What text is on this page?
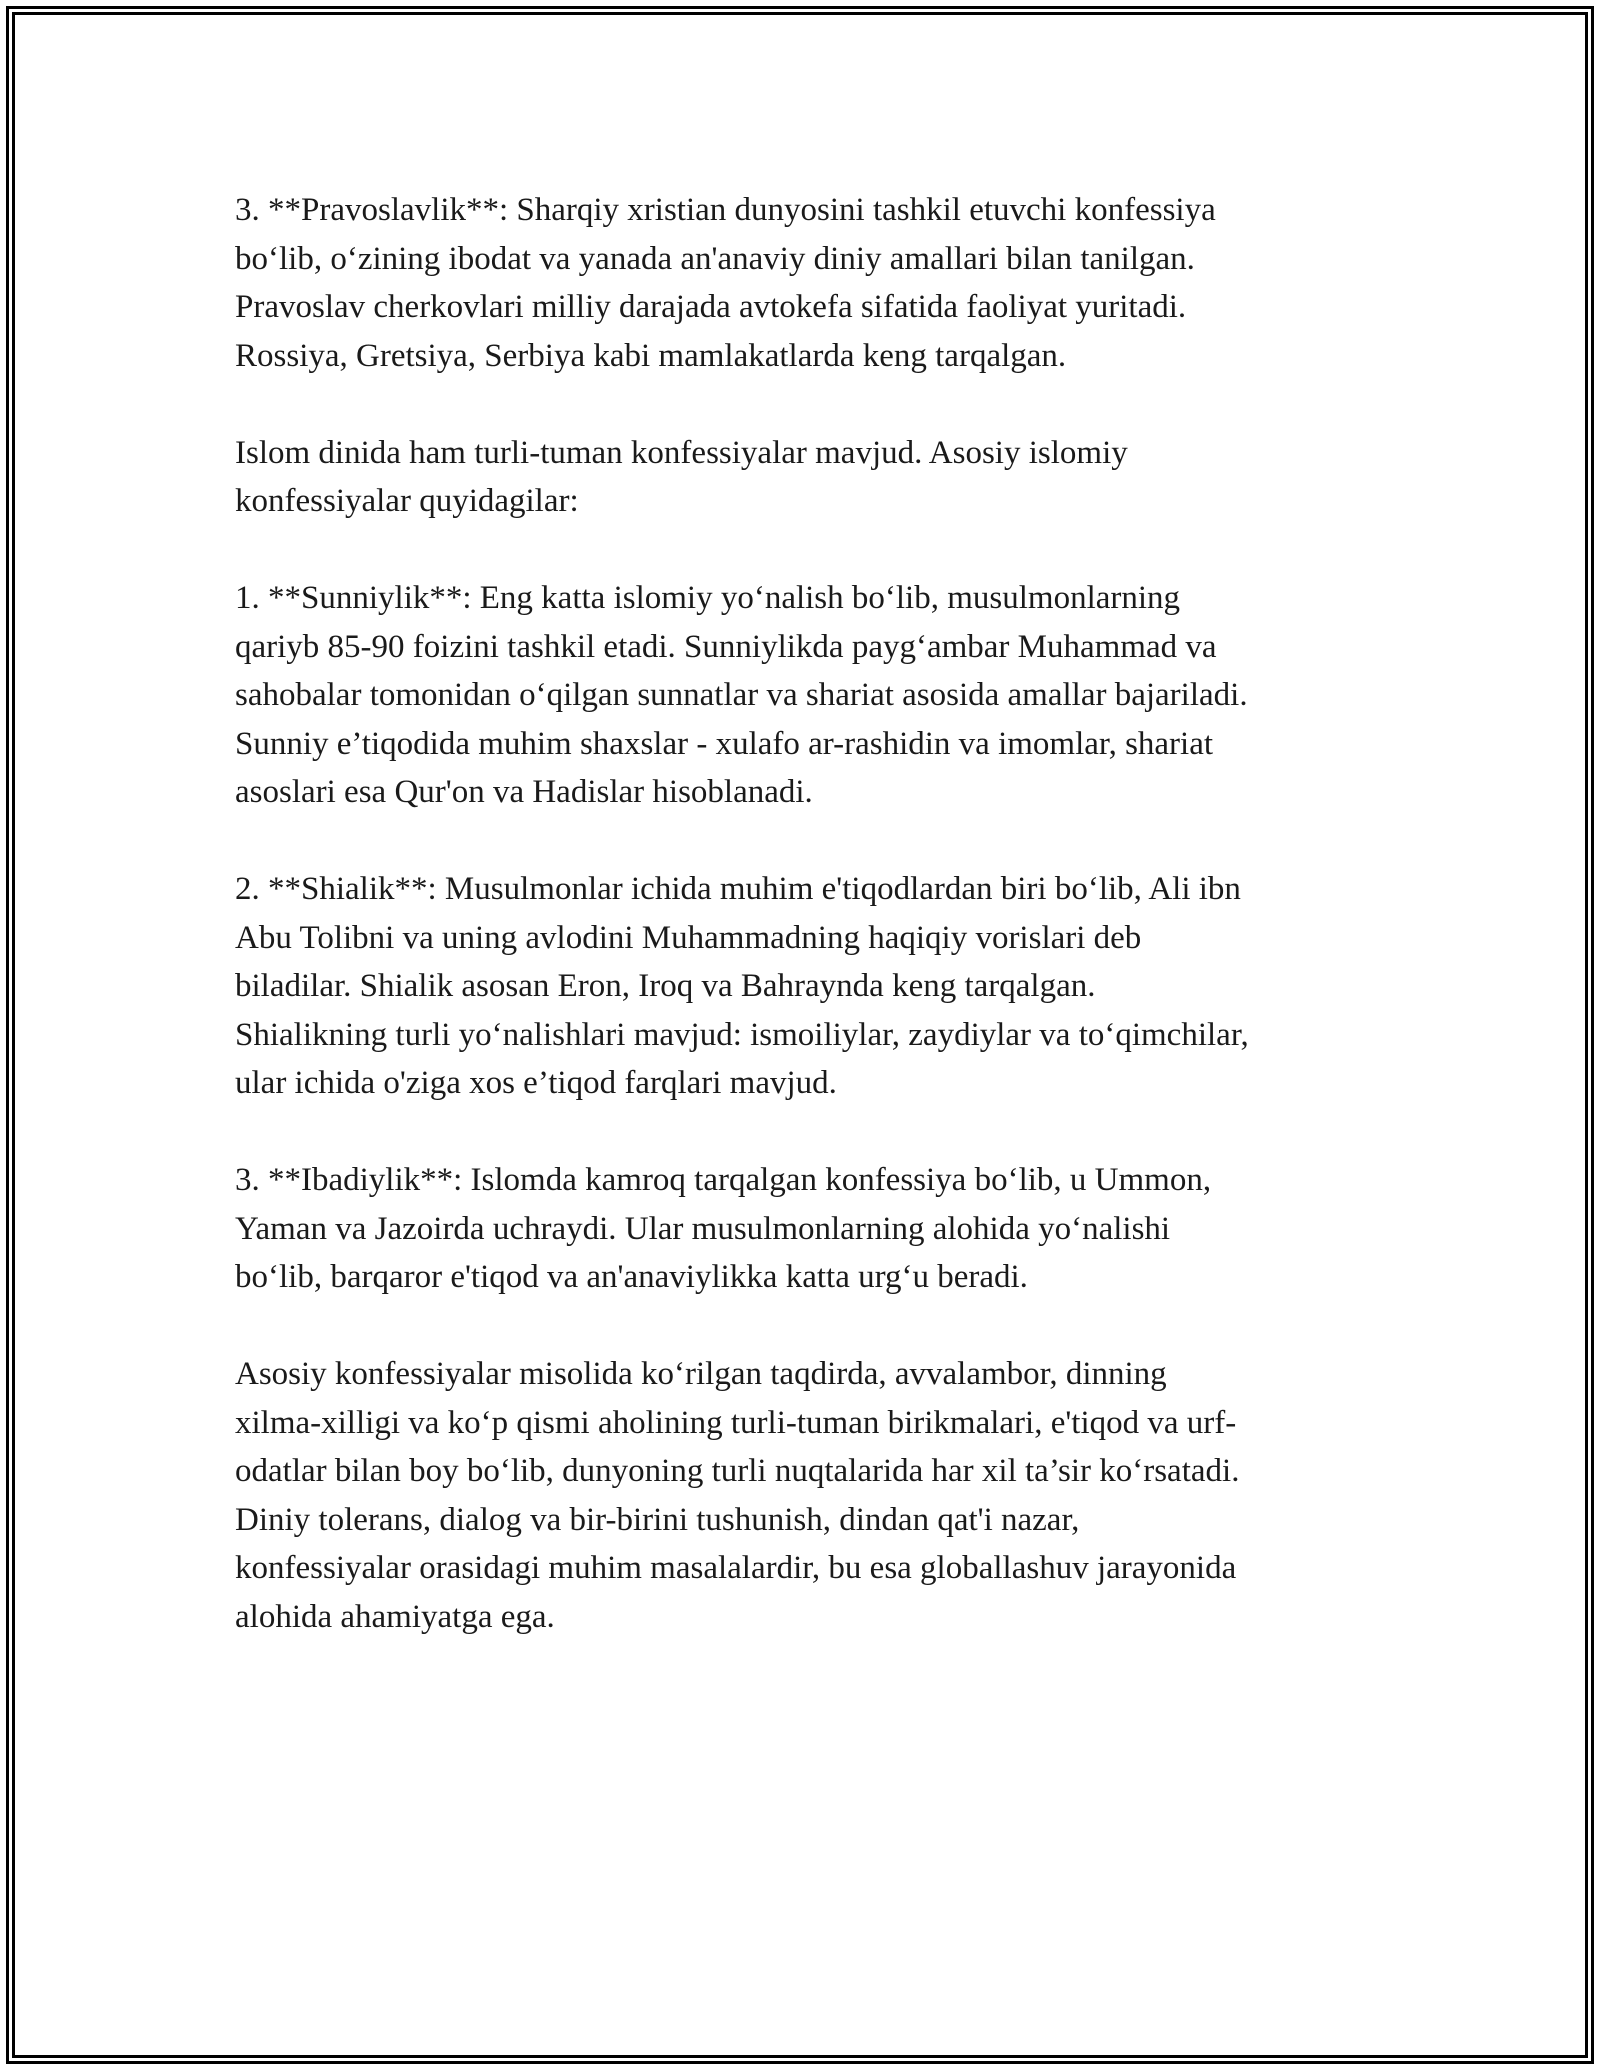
3. **Pravoslavlik**: Sharqiy xristian dunyosini tashkil etuvchi konfessiya
bo‘lib, o‘zining ibodat va yanada an'anaviy diniy amallari bilan tanilgan.
Pravoslav cherkovlari milliy darajada avtokefa sifatida faoliyat yuritadi.
Rossiya, Gretsiya, Serbiya kabi mamlakatlarda keng tarqalgan.

Islom dinida ham turli-tuman konfessiyalar mavjud. Asosiy islomiy
konfessiyalar quyidagilar:

1. **Sunniylik**: Eng katta islomiy yo‘nalish bo‘lib, musulmonlarning
qariyb 85-90 foizini tashkil etadi. Sunniylikda payg‘ambar Muhammad va
sahobalar tomonidan o‘qilgan sunnatlar va shariat asosida amallar bajariladi.
Sunniy e’tiqodida muhim shaxslar - xulafo ar-rashidin va imomlar, shariat
asoslari esa Qur'on va Hadislar hisoblanadi.

2. **Shialik**: Musulmonlar ichida muhim e'tiqodlardan biri bo‘lib, Ali ibn
Abu Tolibni va uning avlodini Muhammadning haqiqiy vorislari deb
biladilar. Shialik asosan Eron, Iroq va Bahraynda keng tarqalgan.
Shialikning turli yo‘nalishlari mavjud: ismoiliylar, zaydiylar va to‘qimchilar,
ular ichida o'ziga xos e’tiqod farqlari mavjud.

3. **Ibadiylik**: Islomda kamroq tarqalgan konfessiya bo‘lib, u Ummon,
Yaman va Jazoirda uchraydi. Ular musulmonlarning alohida yo‘nalishi
bo‘lib, barqaror e'tiqod va an'anaviylikka katta urg‘u beradi.

Asosiy konfessiyalar misolida ko‘rilgan taqdirda, avvalambor, dinning
xilma-xilligi va ko‘p qismi aholining turli-tuman birikmalari, e'tiqod va urf-
odatlar bilan boy bo‘lib, dunyoning turli nuqtalarida har xil ta’sir ko‘rsatadi.
Diniy tolerans, dialog va bir-birini tushunish, dindan qat'i nazar,
konfessiyalar orasidagi muhim masalalardir, bu esa globallashuv jarayonida
alohida ahamiyatga ega.
